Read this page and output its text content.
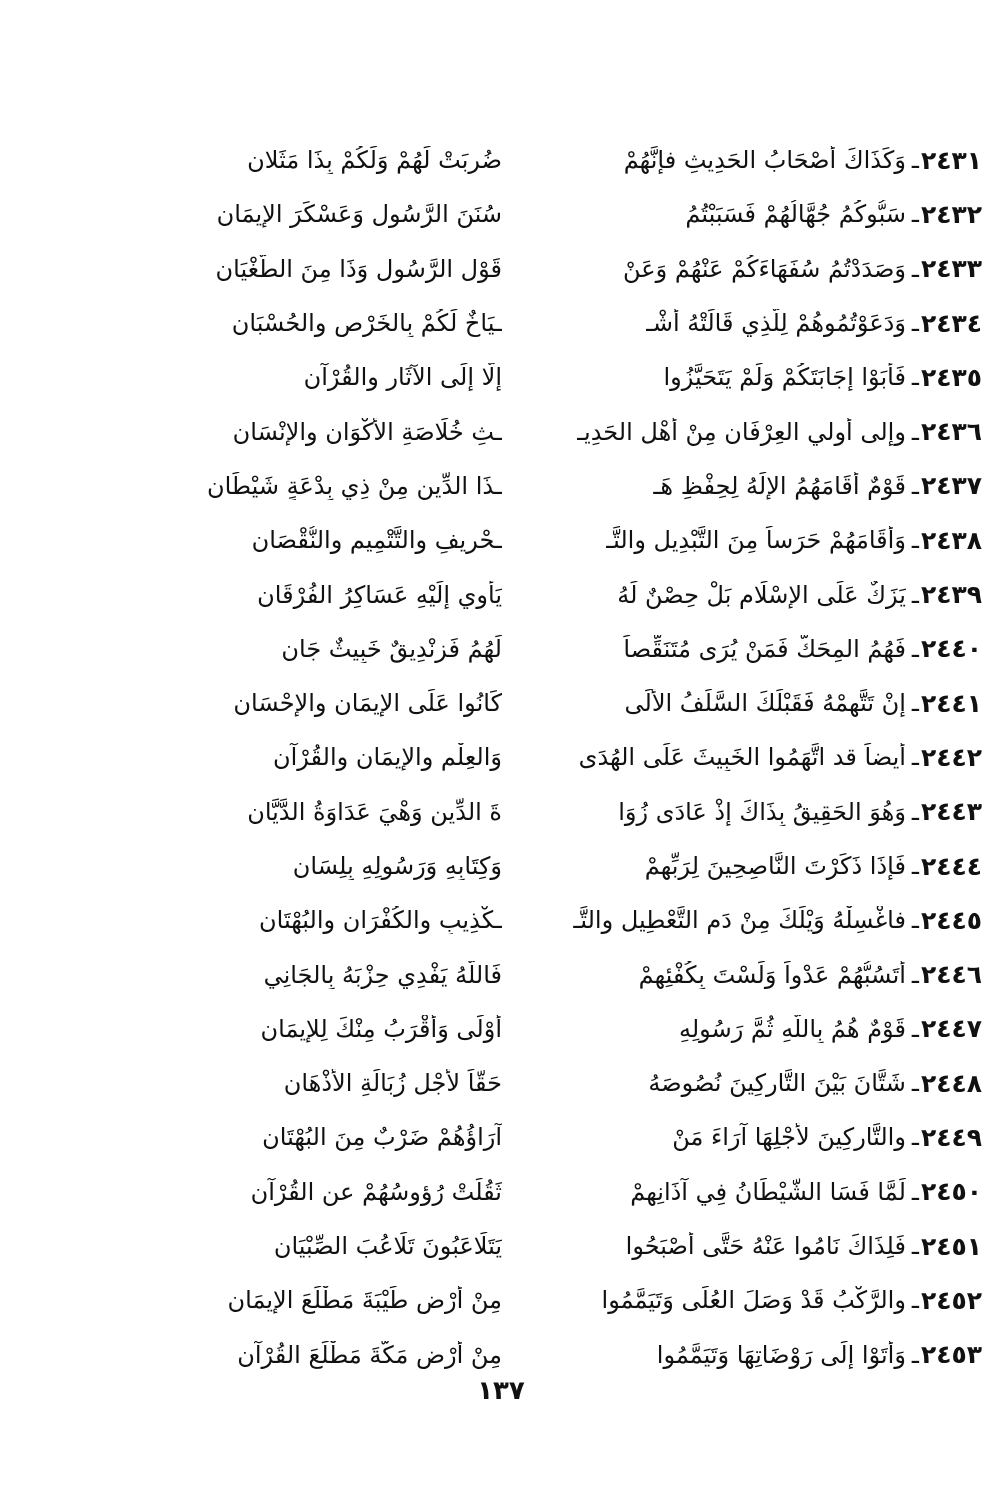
٢٤٣١
ـ
وَكَذَاكَ أَصْحَابُ الحَدِيثِ فإنَّهُمْ
ضُرِبَتْ لَهُمْ وَلَكُمْ بِذَا مَثَلانِ
٢٤٣٢
ـ
سَبُّوكُمُ جُهَّالُهُمْ فَسَبَبْتُمُ
سُنَنَ الرَّسُولِ وَعَسْكَرَ الإِيمَانِ
٢٤٣٣
ـ
وَصَدَدْتُمُ سُفَهَاءَكُمْ عَنْهُمْ وَعَنْ
قَوْلِ الرَّسُولِ وَذَا مِنَ الطُّغْيَانِ
٢٤٣٤
ـ
وَدَعَوْتُمُوهُمْ لِلَّذِي قَالَتْهُ أَشْـ
ـيَاخٌ لَكُمْ بِالخَرْصِ والحُسْبَانِ
٢٤٣٥
ـ
فَأَبَوْا إجَابَتَكُمْ وَلَمْ يَتَحَيَّزُوا
إِلَّا إِلَى الآثَارِ والقُرْآنِ
٢٤٣٦
ـ
وإلى أولي العِرْفَانِ مِنْ أَهْلِ الحَدِيـ
ـثِ خُلَاصَةِ الأَكْوَانِ والإِنْسَانِ
٢٤٣٧
ـ
قَوْمٌ أَقَامَهُمُ الإِلَهُ لِحِفْظِ هَـ
ـذَا الدِّينِ مِنْ ذِي بِدْعَةٍ شَيْطَانِ
٢٤٣٨
ـ
وَأَقَامَهُمْ حَرَساً مِنَ التَّبْدِيلِ والتَّـ
ـحْرِيفِ والتَّتْمِيمِ والنُّقْصَانِ
٢٤٣٩
ـ
يَزَكٌ عَلَى الإِسْلَامِ بَلْ حِصْنٌ لَهُ
يَأْوِي إِلَيْهِ عَسَاكِرُ الفُرْقَانِ
٢٤٤٠
ـ
فَهُمُ المِحَكُّ فَمَنْ يُرَى مُتَنَقِّصاً
لَهُمُ فَزِنْدِيقٌ خَبِيثٌ جَانِ
٢٤٤١
ـ
إِنْ تَتَّهِمْهُ فَقَبْلَكَ السَّلَفُ الأُلَى
كَانُوا عَلَى الإِيمَانِ والإِحْسَانِ
٢٤٤٢
ـ
أيضاً قد اتَّهَمُوا الخَبِيثَ عَلَى الهُدَى
وَالعِلْمِ والإِيمَانِ والقُرْآنِ
٢٤٤٣
ـ
وَهُوَ الحَقِيقُ بِذَاكَ إِذْ عَادَى زُوَا
ةَ الدِّينِ وَهْيَ عَدَاوَةُ الدَّيَّانِ
٢٤٤٤
ـ
فَإِذَا ذَكَرْتَ النَّاصِحِينَ لِرَبِّهِمْ
وَكِتَابِهِ وَرَسُولِهِ بِلِسَانِ
٢٤٤٥
ـ
فاغْسِلْهُ وَيْلَكَ مِنْ دَمِ التَّعْطِيلِ والتَّـ
ـكْذِيبِ والكُفْرَانِ والبُهْتَانِ
٢٤٤٦
ـ
أَتَسُبُّهُمْ عَدْواً وَلَسْتَ بِكُفْئِهِمْ
فَاللَّهُ يَفْدِي حِزْبَهُ بِالجَانِي
٢٤٤٧
ـ
قَوْمٌ هُمُ بِاللَّهِ ثُمَّ رَسُولِهِ
أَوْلَى وَأَقْرَبُ مِنْكَ لِلإِيمَانِ
٢٤٤٨
ـ
شَتَّانَ بَيْنَ التَّارِكِينَ نُصُوصَهُ
حَقّاً لأَجْلِ زُبَالَةِ الأَذْهَانِ
٢٤٤٩
ـ
والتَّارِكِينَ لأَجْلِهَا آرَاءَ مَنْ
آرَاؤُهُمْ ضَرْبٌ مِنَ البُهْتَانِ
٢٤٥٠
ـ
لَمَّا فَسَا الشَّيْطَانُ فِي آذَانِهِمْ
ثَقُلَتْ رُؤوسُهُمْ عن القُرْآنِ
٢٤٥١
ـ
فَلِذَاكَ نَامُوا عَنْهُ حَتَّى أَصْبَحُوا
يَتَلَاعَبُونَ تَلَاعُبَ الصِّبْيَانِ
٢٤٥٢
ـ
والرَّكْبُ قَدْ وَصَلَ العُلَى وَتَيَمَّمُوا
مِنْ أَرْضِ طَيْبَةَ مَطْلَعَ الإِيمَانِ
٢٤٥٣
ـ
وَأَتَوْا إِلَى رَوْضَاتِهَا وَتَيَمَّمُوا
مِنْ أَرْضِ مَكَّةَ مَطْلَعَ القُرْآنِ
١٣٧
